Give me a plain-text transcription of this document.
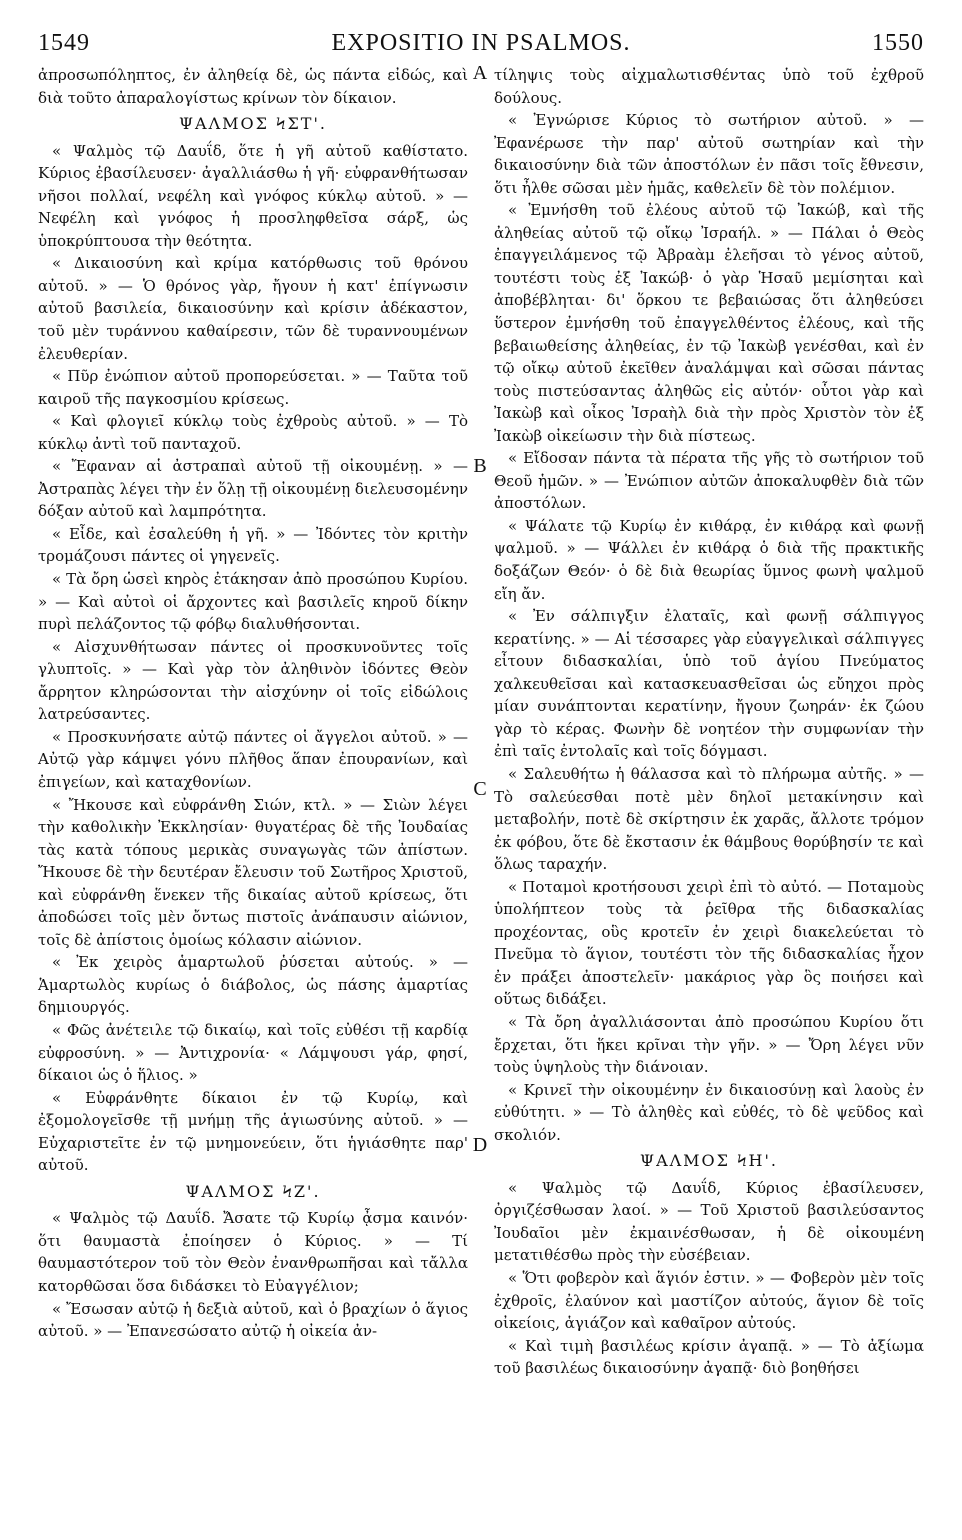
1549	EXPOSITIO IN PSALMOS.	1550
A
B
C
D

ἀπροσωπόληπτος, ἐν ἀληθείᾳ δὲ, ὡς πάντα εἰδώς, καὶ διὰ τοῦτο ἀπαραλογίστως κρίνων τὸν δίκαιον.

ΨΑΛΜΟΣ ϞΣΤ'.

« Ψαλμὸς τῷ Δαυΐδ, ὅτε ἡ γῆ αὐτοῦ καθίστατο. Κύριος ἐβασίλευσεν· ἀγαλλιάσθω ἡ γῆ· εὐφρανθήτωσαν νῆσοι πολλαί, νεφέλη καὶ γνόφος κύκλῳ αὐτοῦ. » — Νεφέλη καὶ γνόφος ἡ προσληφθεῖσα σάρξ, ὡς ὑποκρύπτουσα τὴν θεότητα.

« Δικαιοσύνη καὶ κρίμα κατόρθωσις τοῦ θρόνου αὐτοῦ. » — Ὁ θρόνος γὰρ, ἤγουν ἡ κατ' ἐπίγνωσιν αὐτοῦ βασιλεία, δικαιοσύνην καὶ κρίσιν ἀδέκαστον, τοῦ μὲν τυράννου καθαίρεσιν, τῶν δὲ τυραννουμένων ἐλευθερίαν.

« Πῦρ ἐνώπιον αὐτοῦ προπορεύσεται. » — Ταῦτα τοῦ καιροῦ τῆς παγκοσμίου κρίσεως.

« Καὶ φλογιεῖ κύκλῳ τοὺς ἐχθροὺς αὐτοῦ. » — Τὸ κύκλῳ ἀντὶ τοῦ πανταχοῦ.

« Ἔφαναν αἱ ἀστραπαὶ αὐτοῦ τῇ οἰκουμένῃ. » — Ἀστραπὰς λέγει τὴν ἐν ὅλῃ τῇ οἰκουμένῃ διελευσομένην δόξαν αὐτοῦ καὶ λαμπρότητα.

« Εἶδε, καὶ ἐσαλεύθη ἡ γῆ. » — Ἰδόντες τὸν κριτὴν τρομάζουσι πάντες οἱ γηγενεῖς.

« Τὰ ὄρη ὡσεὶ κηρὸς ἐτάκησαν ἀπὸ προσώπου Κυρίου. » — Καὶ αὐτοὶ οἱ ἄρχοντες καὶ βασιλεῖς κηροῦ δίκην πυρὶ πελάζοντος τῷ φόβῳ διαλυθήσονται.

« Αἰσχυνθήτωσαν πάντες οἱ προσκυνοῦντες τοῖς γλυπτοῖς. » — Καὶ γὰρ τὸν ἀληθινὸν ἰδόντες Θεὸν ἄρρητον κληρώσονται τὴν αἰσχύνην οἱ τοῖς εἰδώλοις λατρεύσαντες.

« Προσκυνήσατε αὐτῷ πάντες οἱ ἄγγελοι αὐτοῦ. » — Αὐτῷ γὰρ κάμψει γόνυ πλῆθος ἅπαν ἐπουρανίων, καὶ ἐπιγείων, καὶ καταχθονίων.

« Ἤκουσε καὶ εὐφράνθη Σιών, κτλ. » — Σιὼν λέγει τὴν καθολικὴν Ἐκκλησίαν· θυγατέρας δὲ τῆς Ἰουδαίας τὰς κατὰ τόπους μερικὰς συναγωγὰς τῶν ἀπίστων. Ἤκουσε δὲ τὴν δευτέραν ἔλευσιν τοῦ Σωτῆρος Χριστοῦ, καὶ εὐφράνθη ἕνεκεν τῆς δικαίας αὐτοῦ κρίσεως, ὅτι ἀποδώσει τοῖς μὲν ὄντως πιστοῖς ἀνάπαυσιν αἰώνιον, τοῖς δὲ ἀπίστοις ὁμοίως κόλασιν αἰώνιον.

« Ἐκ χειρὸς ἁμαρτωλοῦ ῥύσεται αὐτούς. » — Ἁμαρτωλὸς κυρίως ὁ διάβολος, ὡς πάσης ἁμαρτίας δημιουργός.

« Φῶς ἀνέτειλε τῷ δικαίῳ, καὶ τοῖς εὐθέσι τῇ καρδίᾳ εὐφροσύνη. » — Ἀντιχρονία· « Λάμψουσι γάρ, φησί, δίκαιοι ὡς ὁ ἥλιος. »

« Εὐφράνθητε δίκαιοι ἐν τῷ Κυρίῳ, καὶ ἐξομολογεῖσθε τῇ μνήμῃ τῆς ἁγιωσύνης αὐτοῦ. » — Εὐχαριστεῖτε ἐν τῷ μνημονεύειν, ὅτι ἡγιάσθητε παρ' αὐτοῦ.

ΨΑΛΜΟΣ ϞΖ'.

« Ψαλμὸς τῷ Δαυΐδ. Ἄσατε τῷ Κυρίῳ ᾆσμα καινόν· ὅτι θαυμαστὰ ἐποίησεν ὁ Κύριος. » — Τί θαυμαστότερον τοῦ τὸν Θεὸν ἐνανθρωπῆσαι καὶ τἄλλα κατορθῶσαι ὅσα διδάσκει τὸ Εὐαγγέλιον;

« Ἔσωσαν αὐτῷ ἡ δεξιὰ αὐτοῦ, καὶ ὁ βραχίων ὁ ἅγιος αὐτοῦ. » — Ἐπανεσώσατο αὐτῷ ἡ οἰκεία ἀν-

τίληψις τοὺς αἰχμαλωτισθέντας ὑπὸ τοῦ ἐχθροῦ δούλους.

« Ἐγνώρισε Κύριος τὸ σωτήριον αὐτοῦ. » — Ἐφανέρωσε τὴν παρ' αὐτοῦ σωτηρίαν καὶ τὴν δικαιοσύνην διὰ τῶν ἀποστόλων ἐν πᾶσι τοῖς ἔθνεσιν, ὅτι ἦλθε σῶσαι μὲν ἡμᾶς, καθελεῖν δὲ τὸν πολέμιον.

« Ἐμνήσθη τοῦ ἐλέους αὐτοῦ τῷ Ἰακώβ, καὶ τῆς ἀληθείας αὐτοῦ τῷ οἴκῳ Ἰσραήλ. » — Πάλαι ὁ Θεὸς ἐπαγγειλάμενος τῷ Ἀβραὰμ ἐλεῆσαι τὸ γένος αὐτοῦ, τουτέστι τοὺς ἐξ Ἰακώβ· ὁ γὰρ Ἡσαῦ μεμίσηται καὶ ἀποβέβληται· δι' ὅρκου τε βεβαιώσας ὅτι ἀληθεύσει ὕστερον ἐμνήσθη τοῦ ἐπαγγελθέντος ἐλέους, καὶ τῆς βεβαιωθείσης ἀληθείας, ἐν τῷ Ἰακὼβ γενέσθαι, καὶ ἐν τῷ οἴκῳ αὐτοῦ ἐκεῖθεν ἀναλάμψαι καὶ σῶσαι πάντας τοὺς πιστεύσαντας ἀληθῶς εἰς αὐτόν· οὗτοι γὰρ καὶ Ἰακὼβ καὶ οἶκος Ἰσραὴλ διὰ τὴν πρὸς Χριστὸν τὸν ἐξ Ἰακὼβ οἰκείωσιν τὴν διὰ πίστεως.

« Εἴδοσαν πάντα τὰ πέρατα τῆς γῆς τὸ σωτήριον τοῦ Θεοῦ ἡμῶν. » — Ἐνώπιον αὐτῶν ἀποκαλυφθὲν διὰ τῶν ἀποστόλων.

« Ψάλατε τῷ Κυρίῳ ἐν κιθάρᾳ, ἐν κιθάρᾳ καὶ φωνῇ ψαλμοῦ. » — Ψάλλει ἐν κιθάρᾳ ὁ διὰ τῆς πρακτικῆς δοξάζων Θεόν· ὁ δὲ διὰ θεωρίας ὕμνος φωνὴ ψαλμοῦ εἴη ἄν.

« Ἐν σάλπιγξιν ἐλαταῖς, καὶ φωνῇ σάλπιγγος κερατίνης. » — Αἱ τέσσαρες γὰρ εὐαγγελικαὶ σάλπιγγες εἶτουν διδασκαλίαι, ὑπὸ τοῦ ἁγίου Πνεύματος χαλκευθεῖσαι καὶ κατασκευασθεῖσαι ὡς εὔηχοι πρὸς μίαν συνάπτονται κερατίνην, ἤγουν ζωηράν· ἐκ ζώου γὰρ τὸ κέρας. Φωνὴν δὲ νοητέον τὴν συμφωνίαν τὴν ἐπὶ ταῖς ἐντολαῖς καὶ τοῖς δόγμασι.

« Σαλευθήτω ἡ θάλασσα καὶ τὸ πλήρωμα αὐτῆς. » — Τὸ σαλεύεσθαι ποτὲ μὲν δηλοῖ μετακίνησιν καὶ μεταβολήν, ποτὲ δὲ σκίρτησιν ἐκ χαρᾶς, ἄλλοτε τρόμον ἐκ φόβου, ὅτε δὲ ἔκστασιν ἐκ θάμβους θορύβησίν τε καὶ ὅλως ταραχήν.

« Ποταμοὶ κροτήσουσι χειρὶ ἐπὶ τὸ αὐτό. — Ποταμοὺς ὑπολήπτεον τοὺς τὰ ῥεῖθρα τῆς διδασκαλίας προχέοντας, οὓς κροτεῖν ἐν χειρὶ διακελεύεται τὸ Πνεῦμα τὸ ἅγιον, τουτέστι τὸν τῆς διδασκαλίας ἦχον ἐν πράξει ἀποστελεῖν· μακάριος γὰρ ὃς ποιήσει καὶ οὕτως διδάξει.

« Τὰ ὄρη ἀγαλλιάσονται ἀπὸ προσώπου Κυρίου ὅτι ἔρχεται, ὅτι ἥκει κρῖναι τὴν γῆν. » — Ὄρη λέγει νῦν τοὺς ὑψηλοὺς τὴν διάνοιαν.

« Κρινεῖ τὴν οἰκουμένην ἐν δικαιοσύνῃ καὶ λαοὺς ἐν εὐθύτητι. » — Τὸ ἀληθὲς καὶ εὐθές, τὸ δὲ ψεῦδος καὶ σκολιόν.

ΨΑΛΜΟΣ ϞΗ'.

« Ψαλμὸς τῷ Δαυΐδ, Κύριος ἐβασίλευσεν, ὀργιζέσθωσαν λαοί. » — Τοῦ Χριστοῦ βασιλεύσαντος Ἰουδαῖοι μὲν ἐκμαινέσθωσαν, ἡ δὲ οἰκουμένη μετατιθέσθω πρὸς τὴν εὐσέβειαν.

« Ὅτι φοβερὸν καὶ ἅγιόν ἐστιν. » — Φοβερὸν μὲν τοῖς ἐχθροῖς, ἐλαύνον καὶ μαστίζον αὐτούς, ἅγιον δὲ τοῖς οἰκείοις, ἁγιάζον καὶ καθαῖρον αὐτούς.

« Καὶ τιμὴ βασιλέως κρίσιν ἀγαπᾷ. » — Τὸ ἀξίωμα τοῦ βασιλέως δικαιοσύνην ἀγαπᾷ· διὸ βοηθήσει
